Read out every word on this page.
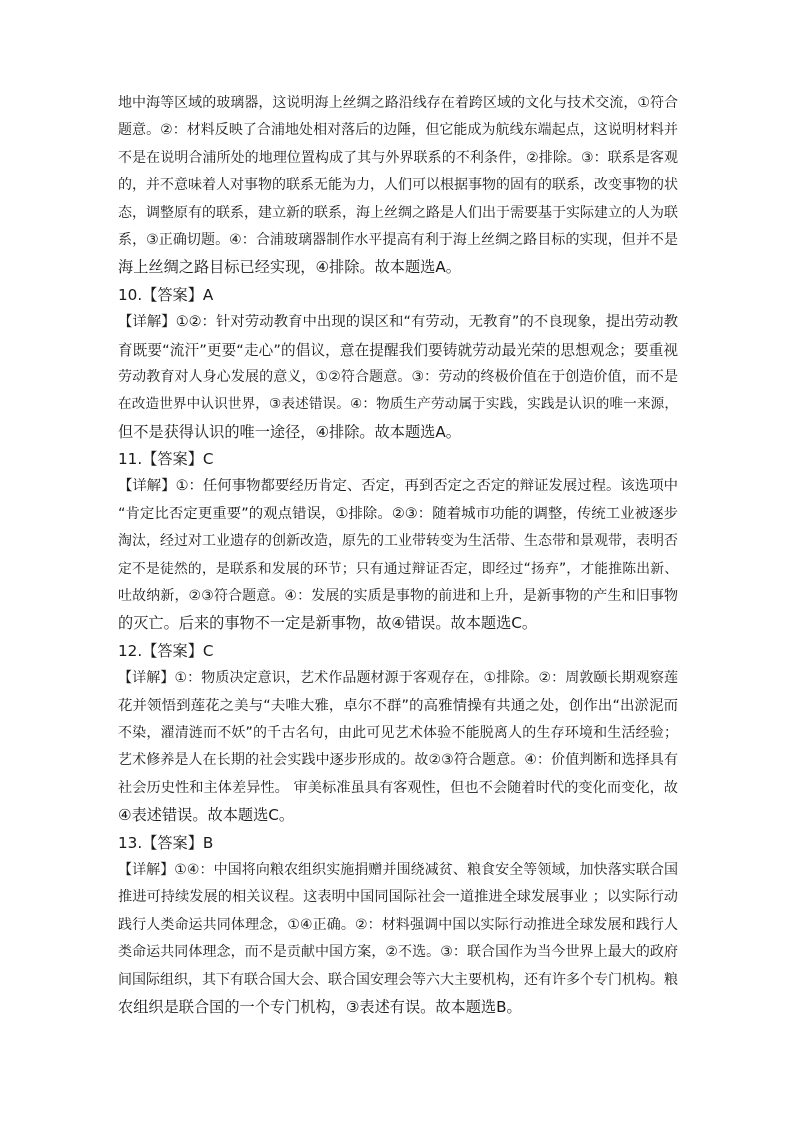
地中海等区域的玻璃器，这说明海上丝绸之路沿线存在着跨区域的文化与技术交流，①符合
题意。②：材料反映了合浦地处相对落后的边陲，但它能成为航线东端起点，这说明材料并
不是在说明合浦所处的地理位置构成了其与外界联系的不利条件，②排除。③：联系是客观
的，并不意味着人对事物的联系无能为力，人们可以根据事物的固有的联系，改变事物的状
态，调整原有的联系，建立新的联系，海上丝绸之路是人们出于需要基于实际建立的人为联
系，③正确切题。④：合浦玻璃器制作水平提高有利于海上丝绸之路目标的实现，但并不是
海上丝绸之路目标已经实现，④排除。故本题选A。
10.【答案】A
【详解】①②：针对劳动教育中出现的误区和“有劳动，无教育”的不良现象，提出劳动教
育既要“流汗”更要“走心”的倡议，意在提醒我们要铸就劳动最光荣的思想观念；要重视
劳动教育对人身心发展的意义，①②符合题意。③：劳动的终极价值在于创造价值，而不是
在改造世界中认识世界，③表述错误。④：物质生产劳动属于实践，实践是认识的唯一来源，
但不是获得认识的唯一途径，④排除。故本题选A。
11.【答案】C
【详解】①：任何事物都要经历肯定、否定，再到否定之否定的辩证发展过程。该选项中
“肯定比否定更重要”的观点错误，①排除。②③：随着城市功能的调整，传统工业被逐步
淘汰，经过对工业遗存的创新改造，原先的工业带转变为生活带、生态带和景观带，表明否
定不是徒然的，是联系和发展的环节；只有通过辩证否定，即经过“扬弃”，才能推陈出新、
吐故纳新，②③符合题意。④：发展的实质是事物的前进和上升，是新事物的产生和旧事物
的灭亡。后来的事物不一定是新事物，故④错误。故本题选C。
12.【答案】C
【详解】①：物质决定意识，艺术作品题材源于客观存在，①排除。②：周敦颐长期观察莲
花并领悟到莲花之美与“夫唯大雅，卓尔不群”的高雅情操有共通之处，创作出“出淤泥而
不染，濯清涟而不妖”的千古名句，由此可见艺术体验不能脱离人的生存环境和生活经验；
艺术修养是人在长期的社会实践中逐步形成的。故②③符合题意。④：价值判断和选择具有
社会历史性和主体差异性。 审美标准虽具有客观性，但也不会随着时代的变化而变化，故
④表述错误。故本题选C。
13.【答案】B
【详解】①④：中国将向粮农组织实施捐赠并围绕减贫、粮食安全等领域，加快落实联合国
推进可持续发展的相关议程。这表明中国同国际社会一道推进全球发展事业 ；以实际行动
践行人类命运共同体理念，①④正确。②：材料强调中国以实际行动推进全球发展和践行人
类命运共同体理念，而不是贡献中国方案，②不选。③：联合国作为当今世界上最大的政府
间国际组织，其下有联合国大会、联合国安理会等六大主要机构，还有许多个专门机构。粮
农组织是联合国的一个专门机构，③表述有误。故本题选B。
